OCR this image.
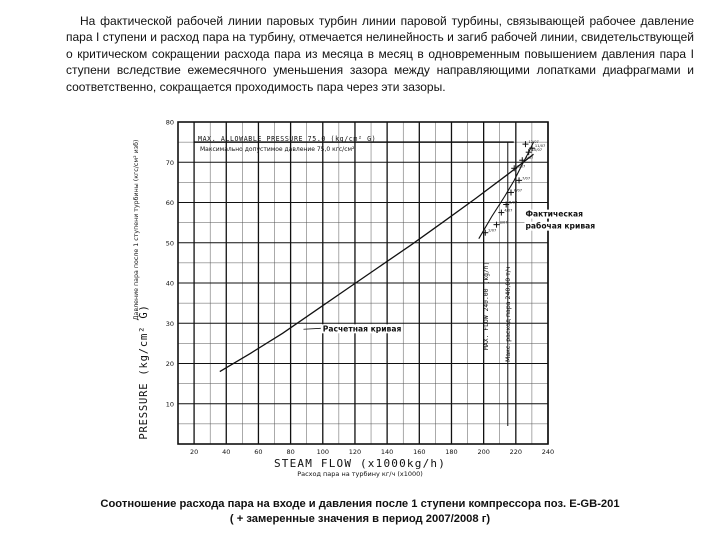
На фактической рабочей линии паровых турбин линии паровой турбины, связывающей рабочее давление пара I ступени и расход пара на турбину, отмечается нелинейность и загиб рабочей линии, свидетельствующей о критическом сокращении расхода пара из месяца в месяц в одновременным повышением давления пара I ступени вследствие ежемесячного уменьшения зазора между направляющими лопатками диафрагмами и соответственно, сокращается проходимость пара через эти зазоры.

2/07
3/07
4/07
5/07
6/07
7/07
8/07
9/07
10/07
11/07
12/07
10
20
30
40
50
60
70
80
20	40	60	80	100	120	140	160	180	200	220	240
STEAM FLOW (x1000kg/h)
Расход пара на турбину кг/ч (x1000)
PRESSURE (kg/cm² G)
Давление пара после 1 ступени турбины (кгс/см² изб)
MAX. ALLOWABLE PRESSURE 75.0 (kg/cm² G)
Максимально допустимое давление 75,0 кгс/см²
MAX. FLOW 240.00 (kg/h) Макс. расход пара 240,00 т/ч
Расчетная кривая
Фактическая
рабочая кривая
Соотношение расхода пара на входе и давления после 1 ступени компрессора поз. E-GB-201
( + замеренные значения в период 2007/2008 г)
